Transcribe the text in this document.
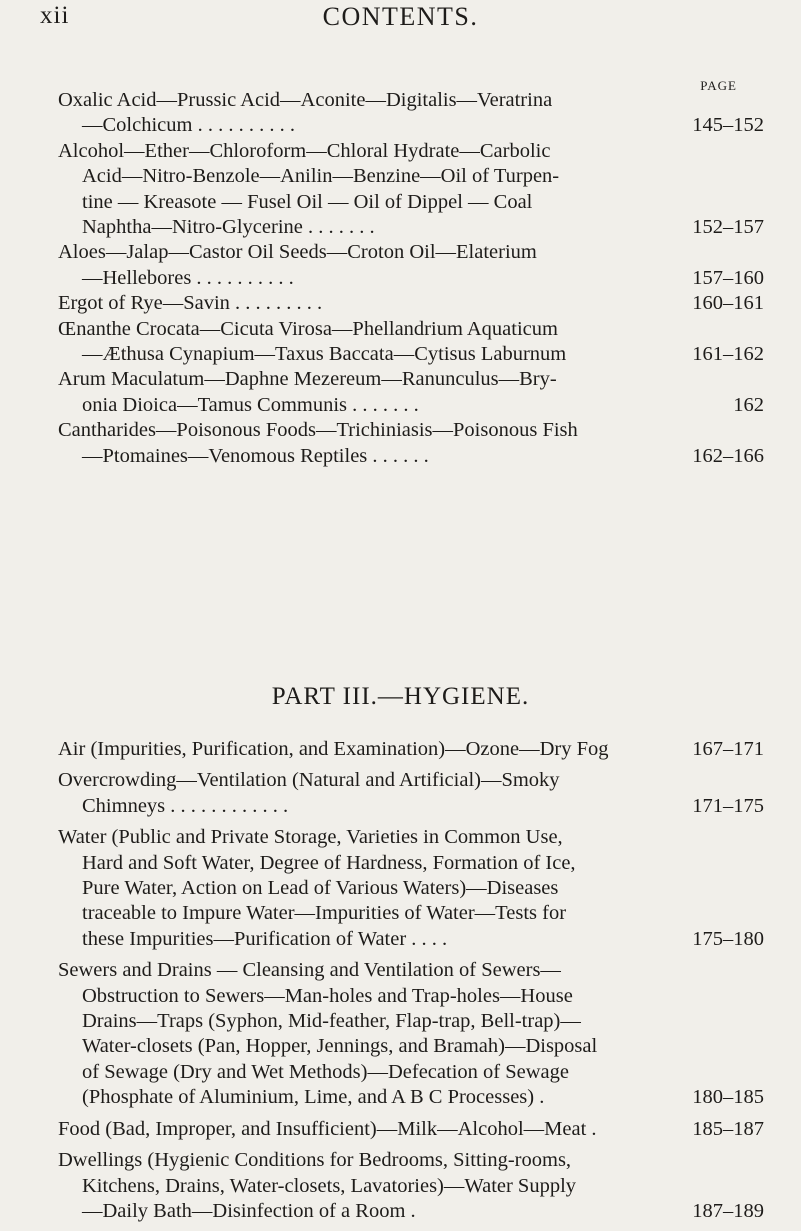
xii	CONTENTS.
PAGE
Oxalic Acid—Prussic Acid—Aconite—Digitalis—Veratrina
—Colchicum . . . . . . . . . .	145–152
Alcohol—Ether—Chloroform—Chloral Hydrate—Carbolic
Acid—Nitro-Benzole—Anilin—Benzine—Oil of Turpen-
tine — Kreasote — Fusel Oil — Oil of Dippel — Coal
Naphtha—Nitro-Glycerine . . . . . . .	152–157
Aloes—Jalap—Castor Oil Seeds—Croton Oil—Elaterium
—Hellebores . . . . . . . . . .	157–160
Ergot of Rye—Savin . . . . . . . . .	160–161
Œnanthe Crocata—Cicuta Virosa—Phellandrium Aquaticum
—Æthusa Cynapium—Taxus Baccata—Cytisus Laburnum	161–162
Arum Maculatum—Daphne Mezereum—Ranunculus—Bry-
onia Dioica—Tamus Communis . . . . . . .	162
Cantharides—Poisonous Foods—Trichiniasis—Poisonous Fish
—Ptomaines—Venomous Reptiles . . . . . .	162–166
PART III.—HYGIENE.
Air (Impurities, Purification, and Examination)—Ozone—Dry Fog	167–171
Overcrowding—Ventilation (Natural and Artificial)—Smoky
Chimneys . . . . . . . . . . . .	171–175
Water (Public and Private Storage, Varieties in Common Use,
Hard and Soft Water, Degree of Hardness, Formation of Ice,
Pure Water, Action on Lead of Various Waters)—Diseases
traceable to Impure Water—Impurities of Water—Tests for
these Impurities—Purification of Water . . . .	175–180
Sewers and Drains — Cleansing and Ventilation of Sewers—
Obstruction to Sewers—Man-holes and Trap-holes—House
Drains—Traps (Syphon, Mid-feather, Flap-trap, Bell-trap)—
Water-closets (Pan, Hopper, Jennings, and Bramah)—Disposal
of Sewage (Dry and Wet Methods)—Defecation of Sewage
(Phosphate of Aluminium, Lime, and A B C Processes) .	180–185
Food (Bad, Improper, and Insufficient)—Milk—Alcohol—Meat .	185–187
Dwellings (Hygienic Conditions for Bedrooms, Sitting-rooms,
Kitchens, Drains, Water-closets, Lavatories)—Water Supply
—Daily Bath—Disinfection of a Room .	187–189
